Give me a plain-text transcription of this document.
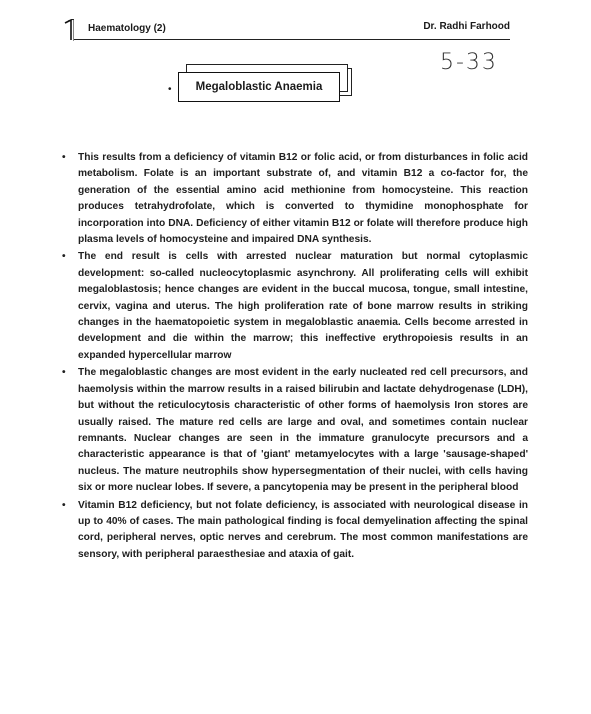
Haematology (2)	Dr. Radhi Farhood
5-33
•	Megaloblastic Anaemia
• This results from a deficiency of vitamin B12 or folic acid, or from disturbances in folic acid metabolism. Folate is an important substrate of, and vitamin B12 a co-factor for, the generation of the essential amino acid methionine from homocysteine. This reaction produces tetrahydrofolate, which is converted to thymidine monophosphate for incorporation into DNA. Deficiency of either vitamin B12 or folate will therefore produce high plasma levels of homocysteine and impaired DNA synthesis.
• The end result is cells with arrested nuclear maturation but normal cytoplasmic development: so-called nucleocytoplasmic asynchrony. All proliferating cells will exhibit megaloblastosis; hence changes are evident in the buccal mucosa, tongue, small intestine, cervix, vagina and uterus. The high proliferation rate of bone marrow results in striking changes in the haematopoietic system in megaloblastic anaemia. Cells become arrested in development and die within the marrow; this ineffective erythropoiesis results in an expanded hypercellular marrow
• The megaloblastic changes are most evident in the early nucleated red cell precursors, and haemolysis within the marrow results in a raised bilirubin and lactate dehydrogenase (LDH), but without the reticulocytosis characteristic of other forms of haemolysis Iron stores are usually raised. The mature red cells are large and oval, and sometimes contain nuclear remnants. Nuclear changes are seen in the immature granulocyte precursors and a characteristic appearance is that of 'giant' metamyelocytes with a large 'sausage-shaped' nucleus. The mature neutrophils show hypersegmentation of their nuclei, with cells having six or more nuclear lobes. If severe, a pancytopenia may be present in the peripheral blood
• Vitamin B12 deficiency, but not folate deficiency, is associated with neurological disease in up to 40% of cases. The main pathological finding is focal demyelination affecting the spinal cord, peripheral nerves, optic nerves and cerebrum. The most common manifestations are sensory, with peripheral paraesthesiae and ataxia of gait.
